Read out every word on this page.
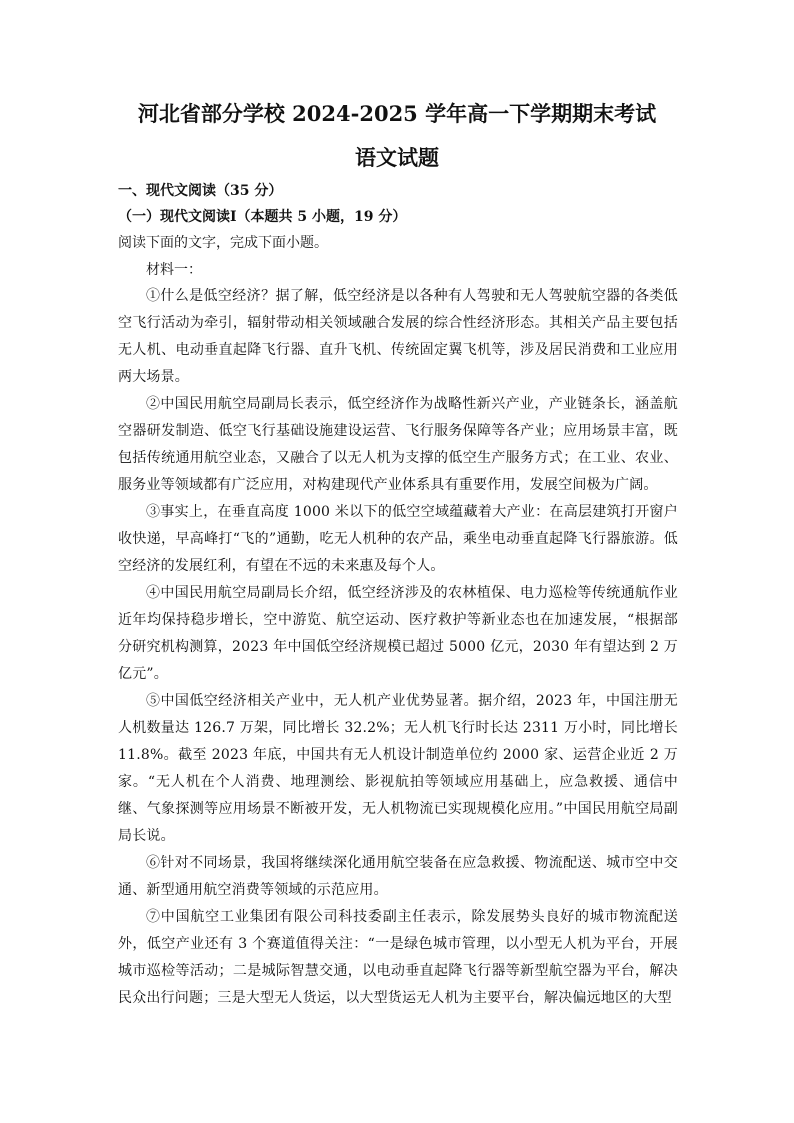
河北省部分学校 2024-2025 学年高一下学期期末考试
语文试题
一、现代文阅读（35 分）
（一）现代文阅读Ⅰ（本题共 5 小题，19 分）
阅读下面的文字，完成下面小题。
材料一：

①什么是低空经济？据了解，低空经济是以各种有人驾驶和无人驾驶航空器的各类低空飞行活动为牵引，辐射带动相关领域融合发展的综合性经济形态。其相关产品主要包括无人机、电动垂直起降飞行器、直升飞机、传统固定翼飞机等，涉及居民消费和工业应用两大场景。

②中国民用航空局副局长表示，低空经济作为战略性新兴产业，产业链条长，涵盖航空器研发制造、低空飞行基础设施建设运营、飞行服务保障等各产业；应用场景丰富，既包括传统通用航空业态，又融合了以无人机为支撑的低空生产服务方式；在工业、农业、服务业等领域都有广泛应用，对构建现代产业体系具有重要作用，发展空间极为广阔。

③事实上，在垂直高度 1000 米以下的低空空域蕴藏着大产业：在高层建筑打开窗户收快递，早高峰打“飞的”通勤，吃无人机种的农产品，乘坐电动垂直起降飞行器旅游。低空经济的发展红利，有望在不远的未来惠及每个人。

④中国民用航空局副局长介绍，低空经济涉及的农林植保、电力巡检等传统通航作业近年均保持稳步增长，空中游览、航空运动、医疗救护等新业态也在加速发展，“根据部分研究机构测算，2023 年中国低空经济规模已超过 5000 亿元，2030 年有望达到 2 万亿元”。

⑤中国低空经济相关产业中，无人机产业优势显著。据介绍，2023 年，中国注册无人机数量达 126.7 万架，同比增长 32.2%；无人机飞行时长达 2311 万小时，同比增长 11.8%。截至 2023 年底，中国共有无人机设计制造单位约 2000 家、运营企业近 2 万家。“无人机在个人消费、地理测绘、影视航拍等领域应用基础上，应急救援、通信中继、气象探测等应用场景不断被开发，无人机物流已实现规模化应用。”中国民用航空局副局长说。

⑥针对不同场景，我国将继续深化通用航空装备在应急救援、物流配送、城市空中交通、新型通用航空消费等领域的示范应用。

⑦中国航空工业集团有限公司科技委副主任表示，除发展势头良好的城市物流配送外，低空产业还有 3 个赛道值得关注：“一是绿色城市管理，以小型无人机为平台，开展城市巡检等活动；二是城际智慧交通，以电动垂直起降飞行器等新型航空器为平台，解决民众出行问题；三是大型无人货运，以大型货运无人机为主要平台，解决偏远地区的大型
